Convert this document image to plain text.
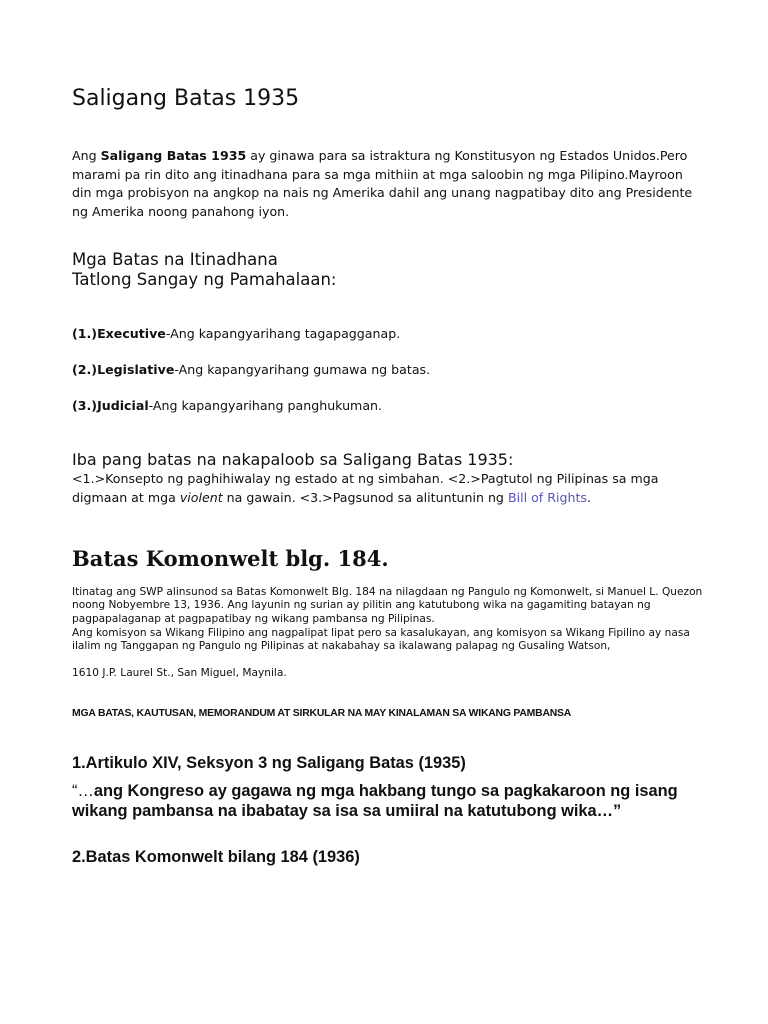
Saligang Batas 1935

Ang Saligang Batas 1935 ay ginawa para sa istraktura ng Konstitusyon ng Estados Unidos.Pero marami pa rin dito ang itinadhana para sa mga mithiin at mga saloobin ng mga Pilipino.Mayroon din mga probisyon na angkop na nais ng Amerika dahil ang unang nagpatibay dito ang Presidente ng Amerika noong panahong iyon.

Mga Batas na Itinadhana
Tatlong Sangay ng Pamahalaan:

(1.)Executive-Ang kapangyarihang tagapagganap.

(2.)Legislative-Ang kapangyarihang gumawa ng batas.

(3.)Judicial-Ang kapangyarihang panghukuman.

Iba pang batas na nakapaloob sa Saligang Batas 1935:

<1.>Konsepto ng paghihiwalay ng estado at ng simbahan. <2.>Pagtutol ng Pilipinas sa mga digmaan at mga violent na gawain. <3.>Pagsunod sa alituntunin ng Bill of Rights.

Batas Komonwelt blg. 184.

Itinatag ang SWP alinsunod sa Batas Komonwelt Blg. 184 na nilagdaan ng Pangulo ng Komonwelt, si Manuel L. Quezon noong Nobyembre 13, 1936. Ang layunin ng surian ay pilitin ang katutubong wika na gagamiting batayan ng pagpapalaganap at pagpapatibay ng wikang pambansa ng Pilipinas.

Ang komisyon sa Wikang Filipino ang nagpalipat lipat pero sa kasalukayan, ang komisyon sa Wikang Fipilino ay nasa ilalim ng Tanggapan ng Pangulo ng Pilipinas at nakabahay sa ikalawang palapag ng Gusaling Watson,

1610 J.P. Laurel St., San Miguel, Maynila.

MGA BATAS, KAUTUSAN, MEMORANDUM AT SIRKULAR NA MAY KINALAMAN SA WIKANG PAMBANSA

1.Artikulo XIV, Seksyon 3 ng Saligang Batas (1935)

“…ang Kongreso ay gagawa ng mga hakbang tungo sa pagkakaroon ng isang wikang pambansa na ibabatay sa isa sa umiiral na katutubong wika…”

2.Batas Komonwelt bilang 184 (1936)
